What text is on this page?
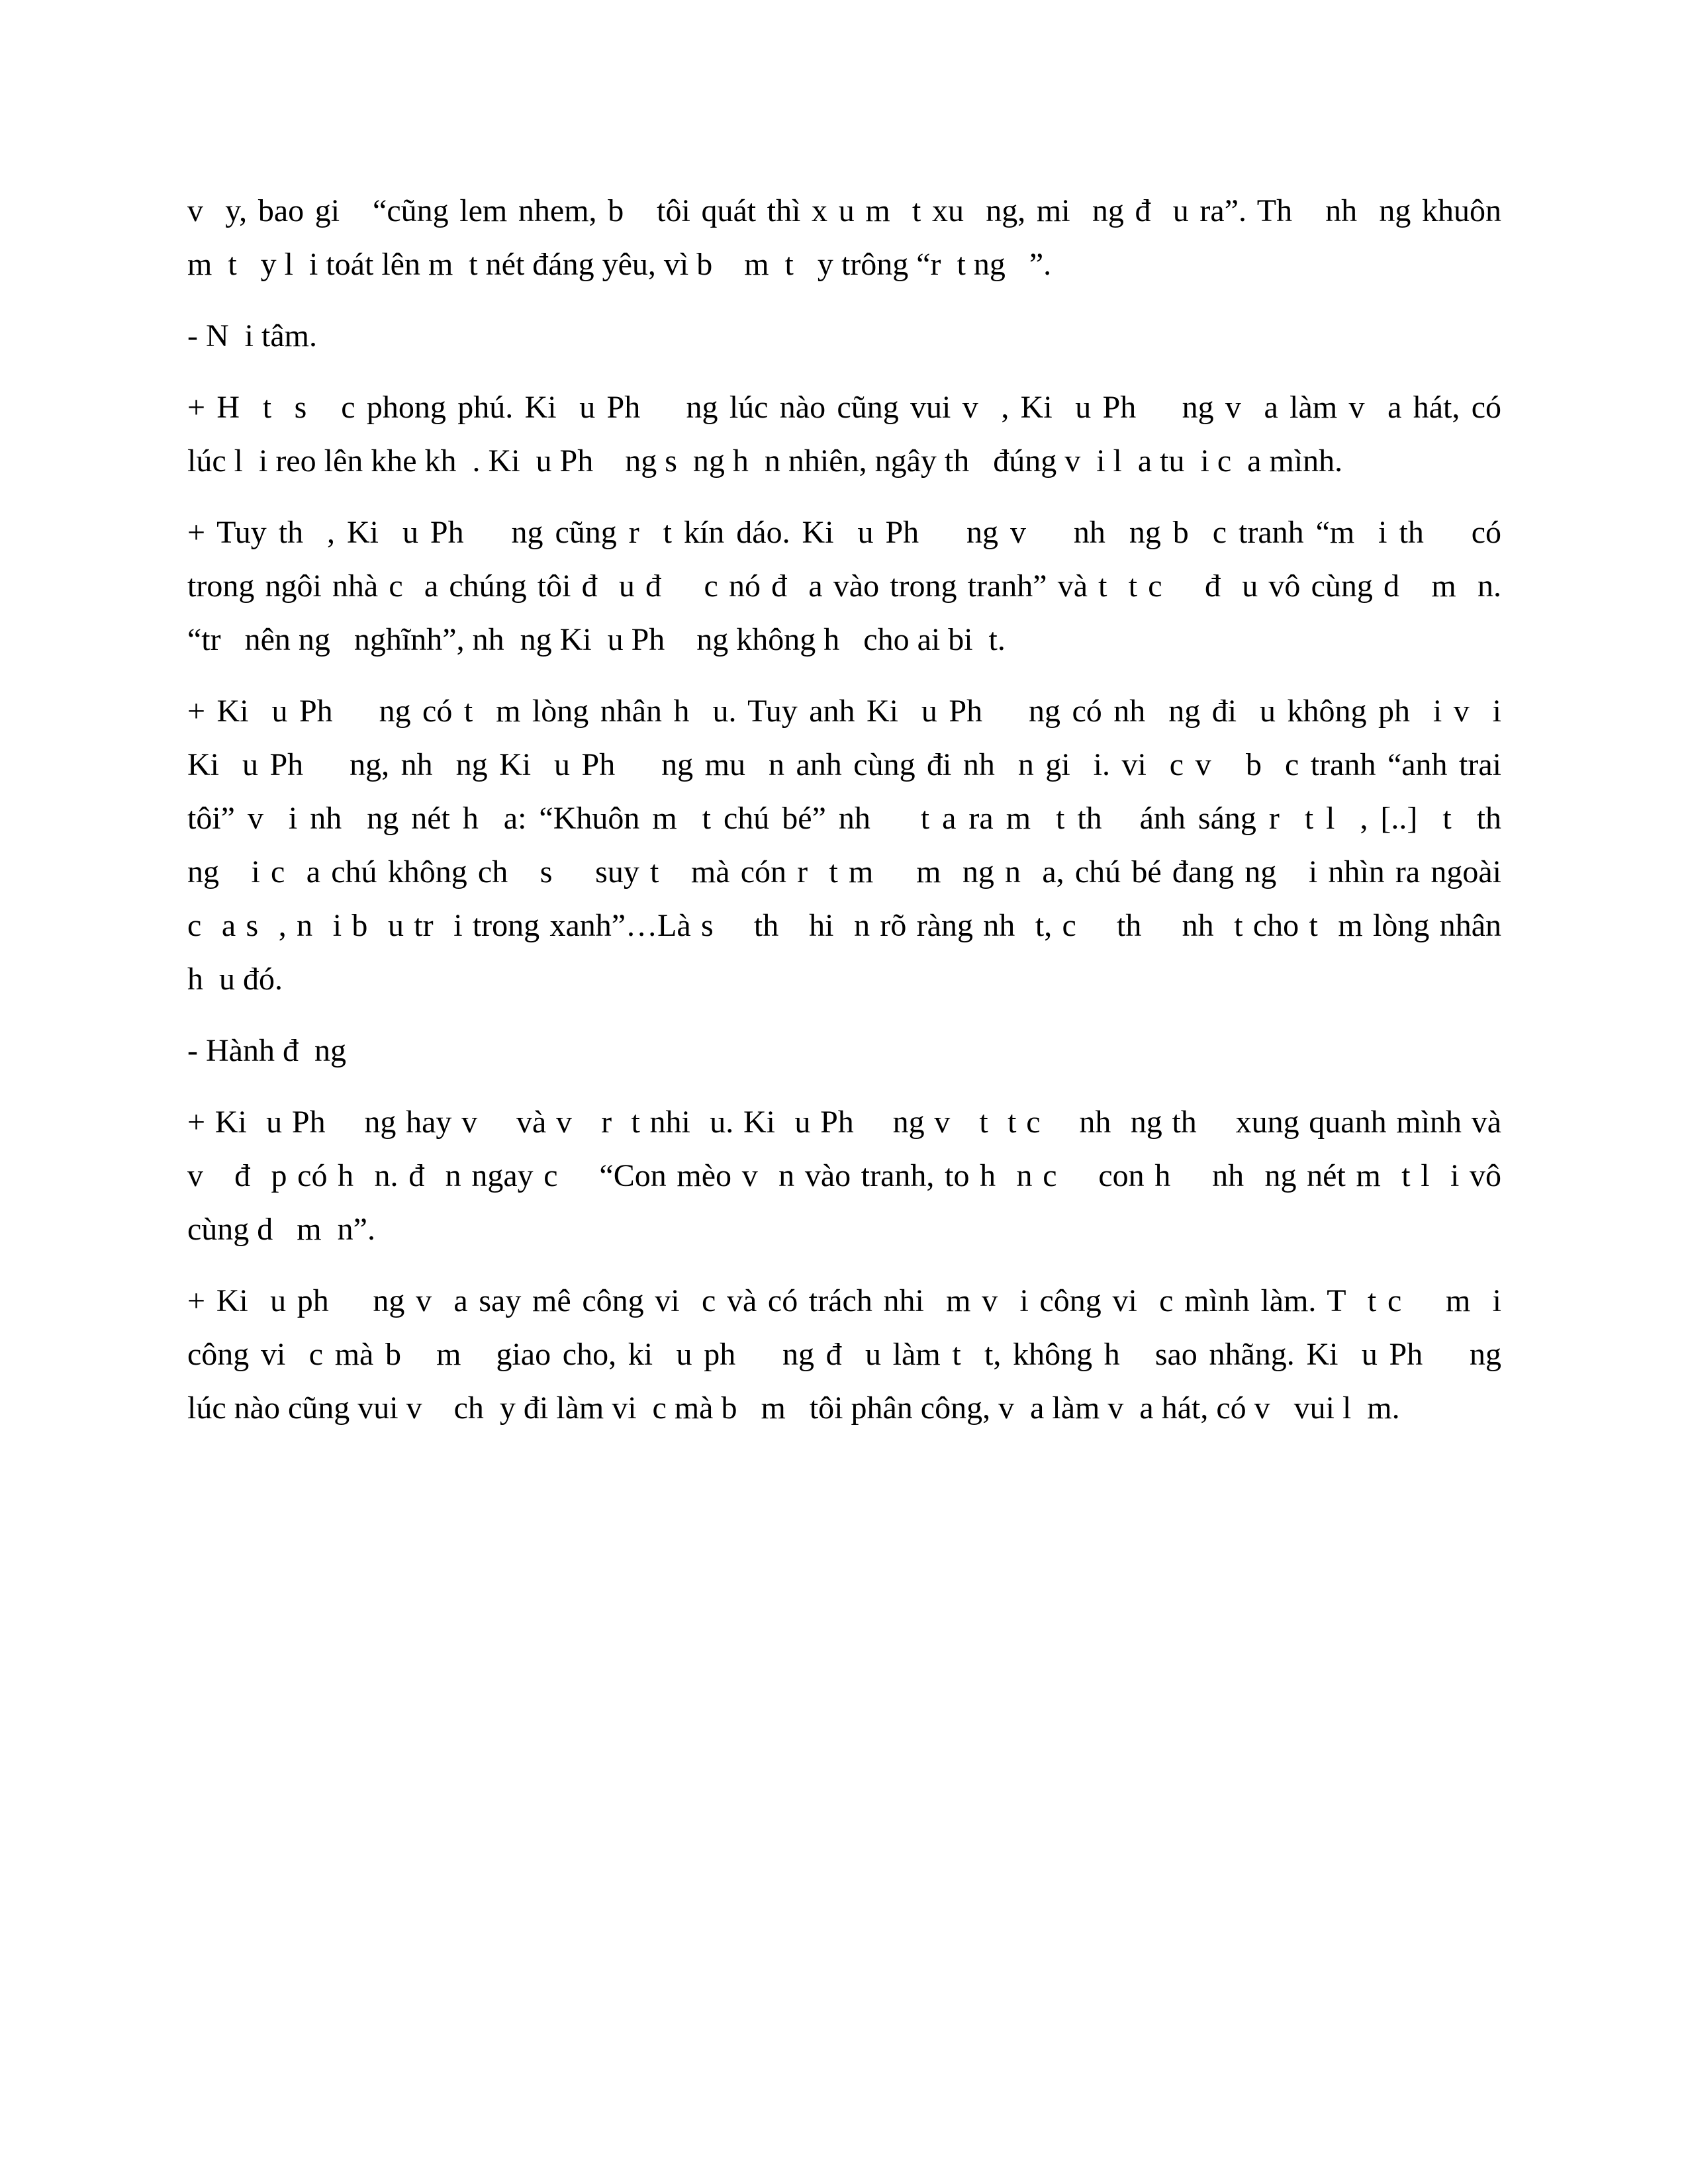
v  y, bao gi   “cũng lem nhem, b   tôi quát thì x u m  t xu  ng, mi  ng đ  u ra”. Th   nh  ng khuôn
m  t   y l  i toát lên m  t nét đáng yêu, vì b    m  t   y trông “r  t ng   ”.
- N  i tâm.
+ H  t  s   c phong phú. Ki  u Ph    ng lúc nào cũng vui v  , Ki  u Ph    ng v  a làm v  a hát, có
lúc l  i reo lên khe kh  . Ki  u Ph    ng s  ng h  n nhiên, ngây th   đúng v  i l  a tu  i c  a mình.
+ Tuy th  , Ki  u Ph    ng cũng r  t kín dáo. Ki  u Ph    ng v    nh  ng b  c tranh “m  i th    có
trong ngôi nhà c  a chúng tôi đ  u đ    c nó đ  a vào trong tranh” và t  t c    đ  u vô cùng d   m  n.
“tr   nên ng   nghĩnh”, nh  ng Ki  u Ph    ng không h   cho ai bi  t.
+ Ki  u Ph    ng có t  m lòng nhân h  u. Tuy anh Ki  u Ph    ng có nh  ng đi  u không ph  i v  i
Ki  u Ph    ng, nh  ng Ki  u Ph    ng mu  n anh cùng đi nh  n gi  i. vi  c v   b  c tranh “anh trai
tôi” v  i nh  ng nét h  a: “Khuôn m  t chú bé” nh    t a ra m  t th   ánh sáng r  t l  , [..]  t  th
ng   i c  a chú không ch   s    suy t   mà cón r  t m    m  ng n  a, chú bé đang ng   i nhìn ra ngoài
c  a s  , n  i b  u tr  i trong xanh”…Là s    th   hi  n rõ ràng nh  t, c    th    nh  t cho t  m lòng nhân
h  u đó.
- Hành đ  ng
+ Ki  u Ph    ng hay v    và v   r  t nhi  u. Ki  u Ph    ng v   t  t c    nh  ng th    xung quanh mình và
v   đ  p có h  n. đ  n ngay c    “Con mèo v  n vào tranh, to h  n c    con h    nh  ng nét m  t l  i vô
cùng d   m  n”.
+ Ki  u ph    ng v  a say mê công vi  c và có trách nhi  m v  i công vi  c mình làm. T  t c    m  i
công vi  c mà b   m   giao cho, ki  u ph    ng đ  u làm t  t, không h   sao nhãng. Ki  u Ph    ng
lúc nào cũng vui v    ch  y đi làm vi  c mà b   m   tôi phân công, v  a làm v  a hát, có v   vui l  m.
